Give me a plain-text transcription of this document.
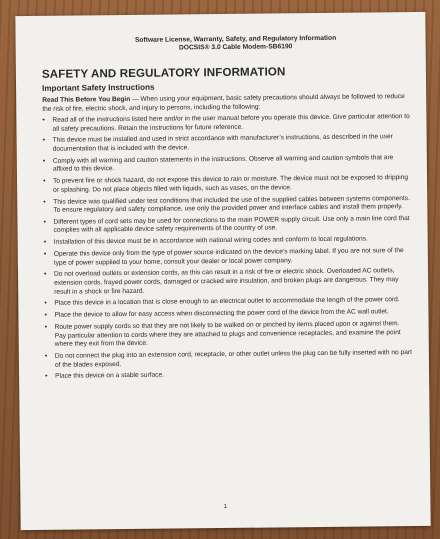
Software License, Warranty, Safety, and Regulatory Information
DOCSIS® 3.0 Cable Modem-SB6190
SAFETY AND REGULATORY INFORMATION
Important Safety Instructions
Read This Before You Begin — When using your equipment, basic safety precautions should always be followed to reduce the risk of fire, electric shock, and injury to persons, including the following:
• Read all of the instructions listed here and/or in the user manual before you operate this device. Give particular attention to all safety precautions. Retain the instructions for future reference.
• This device must be installed and used in strict accordance with manufacturer’s instructions, as described in the user documentation that is included with the device.
• Comply with all warning and caution statements in the instructions. Observe all warning and caution symbols that are affixed to this device.
• To prevent fire or shock hazard, do not expose this device to rain or moisture. The device must not be exposed to dripping or splashing. Do not place objects filled with liquids, such as vases, on the device.
• This device was qualified under test conditions that included the use of the supplied cables between systems components. To ensure regulatory and safety compliance, use only the provided power and interface cables and install them properly.
• Different types of cord sets may be used for connections to the main POWER supply circuit. Use only a main line cord that complies with all applicable device safety requirements of the country of use.
• Installation of this device must be in accordance with national wiring codes and conform to local regulations.
• Operate this device only from the type of power source indicated on the device’s marking label. If you are not sure of the type of power supplied to your home, consult your dealer or local power company.
• Do not overload outlets or extension cords, as this can result in a risk of fire or electric shock. Overloaded AC outlets, extension cords, frayed power cords, damaged or cracked wire insulation, and broken plugs are dangerous. They may result in a shock or fire hazard.
• Place this device in a location that is close enough to an electrical outlet to accommodate the length of the power cord.
• Place the device to allow for easy access when disconnecting the power cord of the device from the AC wall outlet.
• Route power supply cords so that they are not likely to be walked on or pinched by items placed upon or against them. Pay particular attention to cords where they are attached to plugs and convenience receptacles, and examine the point where they exit from the device.
• Do not connect the plug into an extension cord, receptacle, or other outlet unless the plug can be fully inserted with no part of the blades exposed.
• Place this device on a stable surface.
1
